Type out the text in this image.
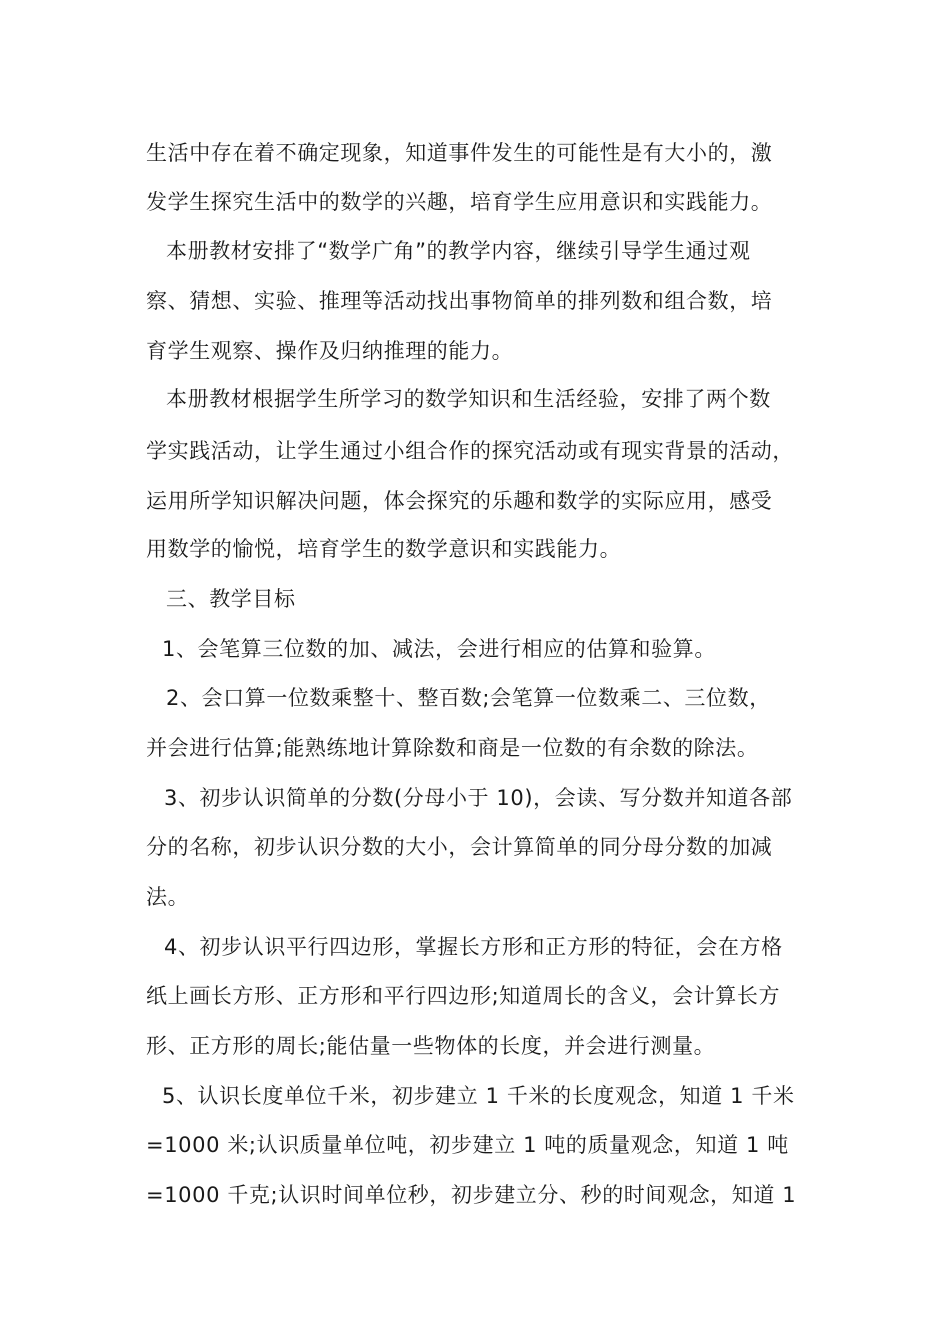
生活中存在着不确定现象，知道事件发生的可能性是有大小的，激
发学生探究生活中的数学的兴趣，培育学生应用意识和实践能力。
本册教材安排了“数学广角”的教学内容，继续引导学生通过观
察、猜想、实验、推理等活动找出事物简单的排列数和组合数，培
育学生观察、操作及归纳推理的能力。
本册教材根据学生所学习的数学知识和生活经验，安排了两个数
学实践活动，让学生通过小组合作的探究活动或有现实背景的活动，
运用所学知识解决问题，体会探究的乐趣和数学的实际应用，感受
用数学的愉悦，培育学生的数学意识和实践能力。
三、教学目标
1、会笔算三位数的加、减法，会进行相应的估算和验算。
2、会口算一位数乘整十、整百数;会笔算一位数乘二、三位数，
并会进行估算;能熟练地计算除数和商是一位数的有余数的除法。
3、初步认识简单的分数(分母小于 10)，会读、写分数并知道各部
分的名称，初步认识分数的大小，会计算简单的同分母分数的加减
法。
4、初步认识平行四边形，掌握长方形和正方形的特征，会在方格
纸上画长方形、正方形和平行四边形;知道周长的含义，会计算长方
形、正方形的周长;能估量一些物体的长度，并会进行测量。
5、认识长度单位千米，初步建立 1 千米的长度观念，知道 1 千米
=1000 米;认识质量单位吨，初步建立 1 吨的质量观念，知道 1 吨
=1000 千克;认识时间单位秒，初步建立分、秒的时间观念，知道 1
